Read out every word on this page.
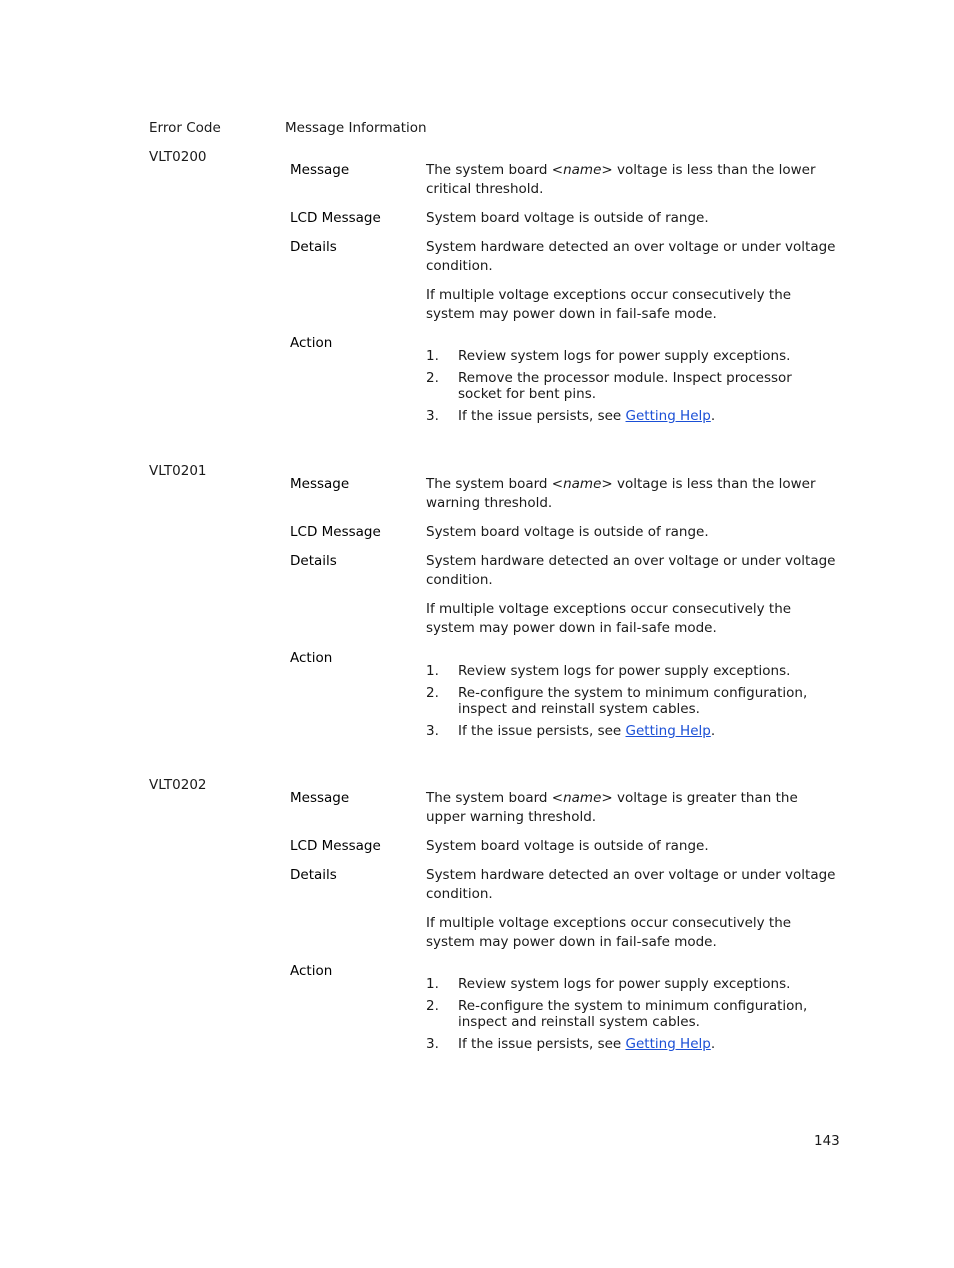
Error Code	Message Information
VLT0200
Message	The system board <name> voltage is less than the lower critical threshold.

LCD Message	System board voltage is outside of range.

Details	System hardware detected an over voltage or under voltage condition.

If multiple voltage exceptions occur consecutively the system may power down in fail-safe mode.

Action
1. Review system logs for power supply exceptions.
2. Remove the processor module. Inspect processor socket for bent pins.
3. If the issue persists, see Getting Help.
VLT0201
Message	The system board <name> voltage is less than the lower warning threshold.

LCD Message	System board voltage is outside of range.

Details	System hardware detected an over voltage or under voltage condition.

If multiple voltage exceptions occur consecutively the system may power down in fail-safe mode.

Action
1. Review system logs for power supply exceptions.
2. Re-configure the system to minimum configuration, inspect and reinstall system cables.
3. If the issue persists, see Getting Help.
VLT0202
Message	The system board <name> voltage is greater than the upper warning threshold.

LCD Message	System board voltage is outside of range.

Details	System hardware detected an over voltage or under voltage condition.

If multiple voltage exceptions occur consecutively the system may power down in fail-safe mode.

Action
1. Review system logs for power supply exceptions.
2. Re-configure the system to minimum configuration, inspect and reinstall system cables.
3. If the issue persists, see Getting Help.
143
